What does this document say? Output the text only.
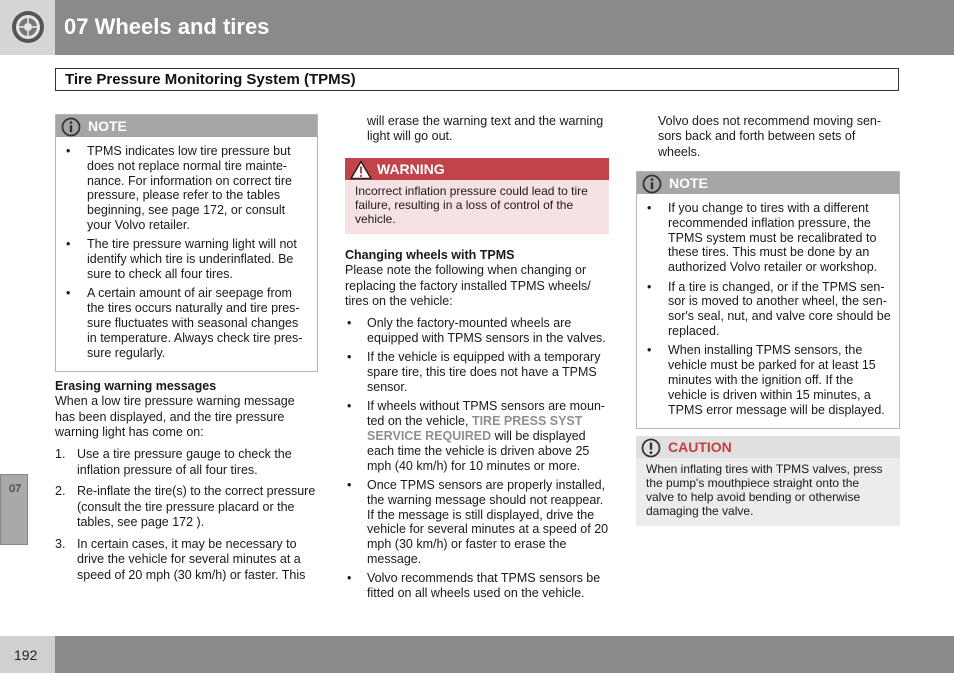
07 Wheels and tires
Tire Pressure Monitoring System (TPMS)
NOTE
• TPMS indicates low tire pressure but does not replace normal tire mainte-nance. For information on correct tire pressure, please refer to the tables beginning, see page 172, or consult your Volvo retailer.
• The tire pressure warning light will not identify which tire is underinflated. Be sure to check all four tires.
• A certain amount of air seepage from the tires occurs naturally and tire pres-sure fluctuates with seasonal changes in temperature. Always check tire pres-sure regularly.
Erasing warning messages
When a low tire pressure warning message has been displayed, and the tire pressure warning light has come on:
1. Use a tire pressure gauge to check the inflation pressure of all four tires.
2. Re-inflate the tire(s) to the correct pressure (consult the tire pressure placard or the tables, see page 172 ).
3. In certain cases, it may be necessary to drive the vehicle for several minutes at a speed of 20 mph (30 km/h) or faster. This
will erase the warning text and the warning light will go out.
WARNING
Incorrect inflation pressure could lead to tire failure, resulting in a loss of control of the vehicle.
Changing wheels with TPMS
Please note the following when changing or replacing the factory installed TPMS wheels/ tires on the vehicle:
• Only the factory-mounted wheels are equipped with TPMS sensors in the valves.
• If the vehicle is equipped with a temporary spare tire, this tire does not have a TPMS sensor.
• If wheels without TPMS sensors are moun-ted on the vehicle, TIRE PRESS SYST SERVICE REQUIRED will be displayed each time the vehicle is driven above 25 mph (40 km/h) for 10 minutes or more.
• Once TPMS sensors are properly installed, the warning message should not reappear. If the message is still displayed, drive the vehicle for several minutes at a speed of 20 mph (30 km/h) or faster to erase the message.
• Volvo recommends that TPMS sensors be fitted on all wheels used on the vehicle.
Volvo does not recommend moving sen-sors back and forth between sets of wheels.
NOTE
• If you change to tires with a different recommended inflation pressure, the TPMS system must be recalibrated to these tires. This must be done by an authorized Volvo retailer or workshop.
• If a tire is changed, or if the TPMS sen-sor is moved to another wheel, the sen-sor's seal, nut, and valve core should be replaced.
• When installing TPMS sensors, the vehicle must be parked for at least 15 minutes with the ignition off. If the vehicle is driven within 15 minutes, a TPMS error message will be displayed.
CAUTION
When inflating tires with TPMS valves, press the pump's mouthpiece straight onto the valve to help avoid bending or otherwise damaging the valve.
07
192
